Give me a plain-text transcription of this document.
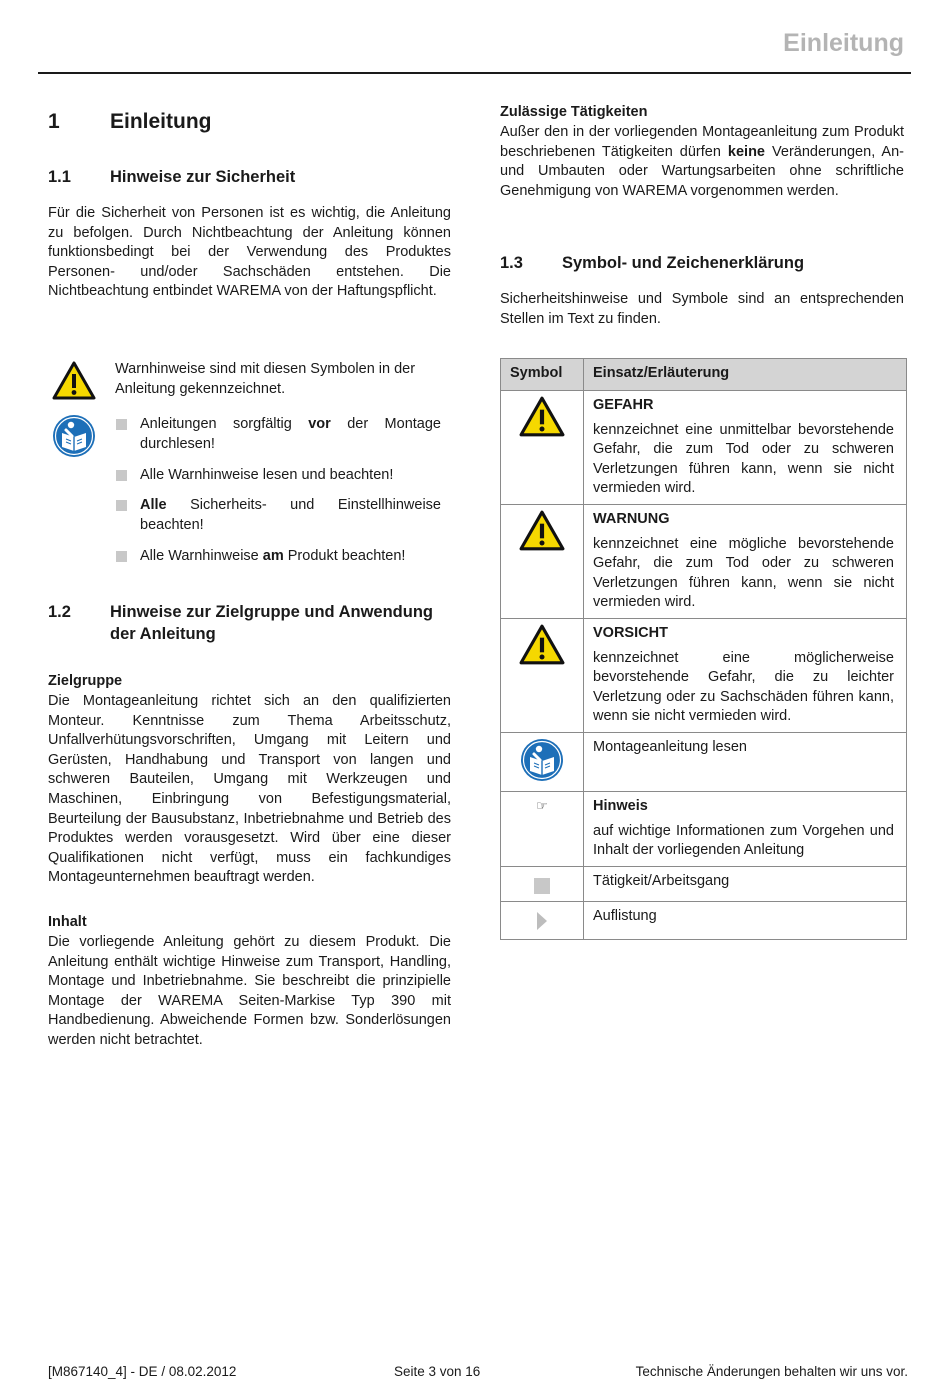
Einleitung
1 Einleitung
1.1 Hinweise zur Sicherheit

Für die Sicherheit von Personen ist es wichtig, die Anleitung zu befolgen. Durch Nichtbeachtung der Anleitung können funktionsbedingt bei der Verwendung des Produktes Personen- und/oder Sachschäden entstehen. Die Nichtbeachtung entbindet WAREMA von der Haftungspflicht.

Warnhinweise sind mit diesen Symbolen in der Anleitung gekennzeichnet.

Anleitungen sorgfältig vor der Montage durchlesen!
Alle Warnhinweise lesen und beachten!
Alle Sicherheits- und Einstellhinweise beachten!
Alle Warnhinweise am Produkt beachten!
1.2	Hinweise zur Zielgruppe und Anwendung der Anleitung

Zielgruppe

Die Montageanleitung richtet sich an den qualifizierten Monteur. Kenntnisse zum Thema Arbeitsschutz, Unfallverhütungsvorschriften, Umgang mit Leitern und Gerüsten, Handhabung und Transport von langen und schweren Bauteilen, Umgang mit Werkzeugen und Maschinen, Einbringung von Befestigungsmaterial, Beurteilung der Bausubstanz, Inbetriebnahme und Betrieb des Produktes werden vorausgesetzt. Wird über eine dieser Qualifikationen nicht verfügt, muss ein fachkundiges Montageunternehmen beauftragt werden.

Inhalt

Die vorliegende Anleitung gehört zu diesem Produkt. Die Anleitung enthält wichtige Hinweise zum Transport, Handling, Montage und Inbetriebnahme. Sie beschreibt die prinzipielle Montage der WAREMA Seiten-Markise Typ 390 mit Handbedienung. Abweichende Formen bzw. Sonderlösungen werden nicht betrachtet.

Zulässige Tätigkeiten

Außer den in der vorliegenden Montageanleitung zum Produkt beschriebenen Tätigkeiten dürfen keine Veränderungen, An- und Umbauten oder Wartungsarbeiten ohne schriftliche Genehmigung von WAREMA vorgenommen werden.

1.3 Symbol- und Zeichenerklärung

Sicherheitshinweise und Symbole sind an entsprechenden Stellen im Text zu finden.

Symbol	Einsatz/Erläuterung

GEFAHR
kennzeichnet eine unmittelbar bevorstehende Gefahr, die zum Tod oder zu schweren Verletzungen führen kann, wenn sie nicht vermieden wird.

WARNUNG
kennzeichnet eine mögliche bevorstehende Gefahr, die zum Tod oder zu schweren Verletzungen führen kann, wenn sie nicht vermieden wird.

VORSICHT
kennzeichnet eine möglicherweise bevorstehende Gefahr, die zu leichter Verletzung oder zu Sachschäden führen kann, wenn sie nicht vermieden wird.

Montageanleitung lesen

☞	Hinweis
auf wichtige Informationen zum Vorgehen und Inhalt der vorliegenden Anleitung

	Tätigkeit/Arbeitsgang

Auflistung
[M867140_4] - DE / 08.02.2012	Seite 3 von 16	Technische Änderungen behalten wir uns vor.
